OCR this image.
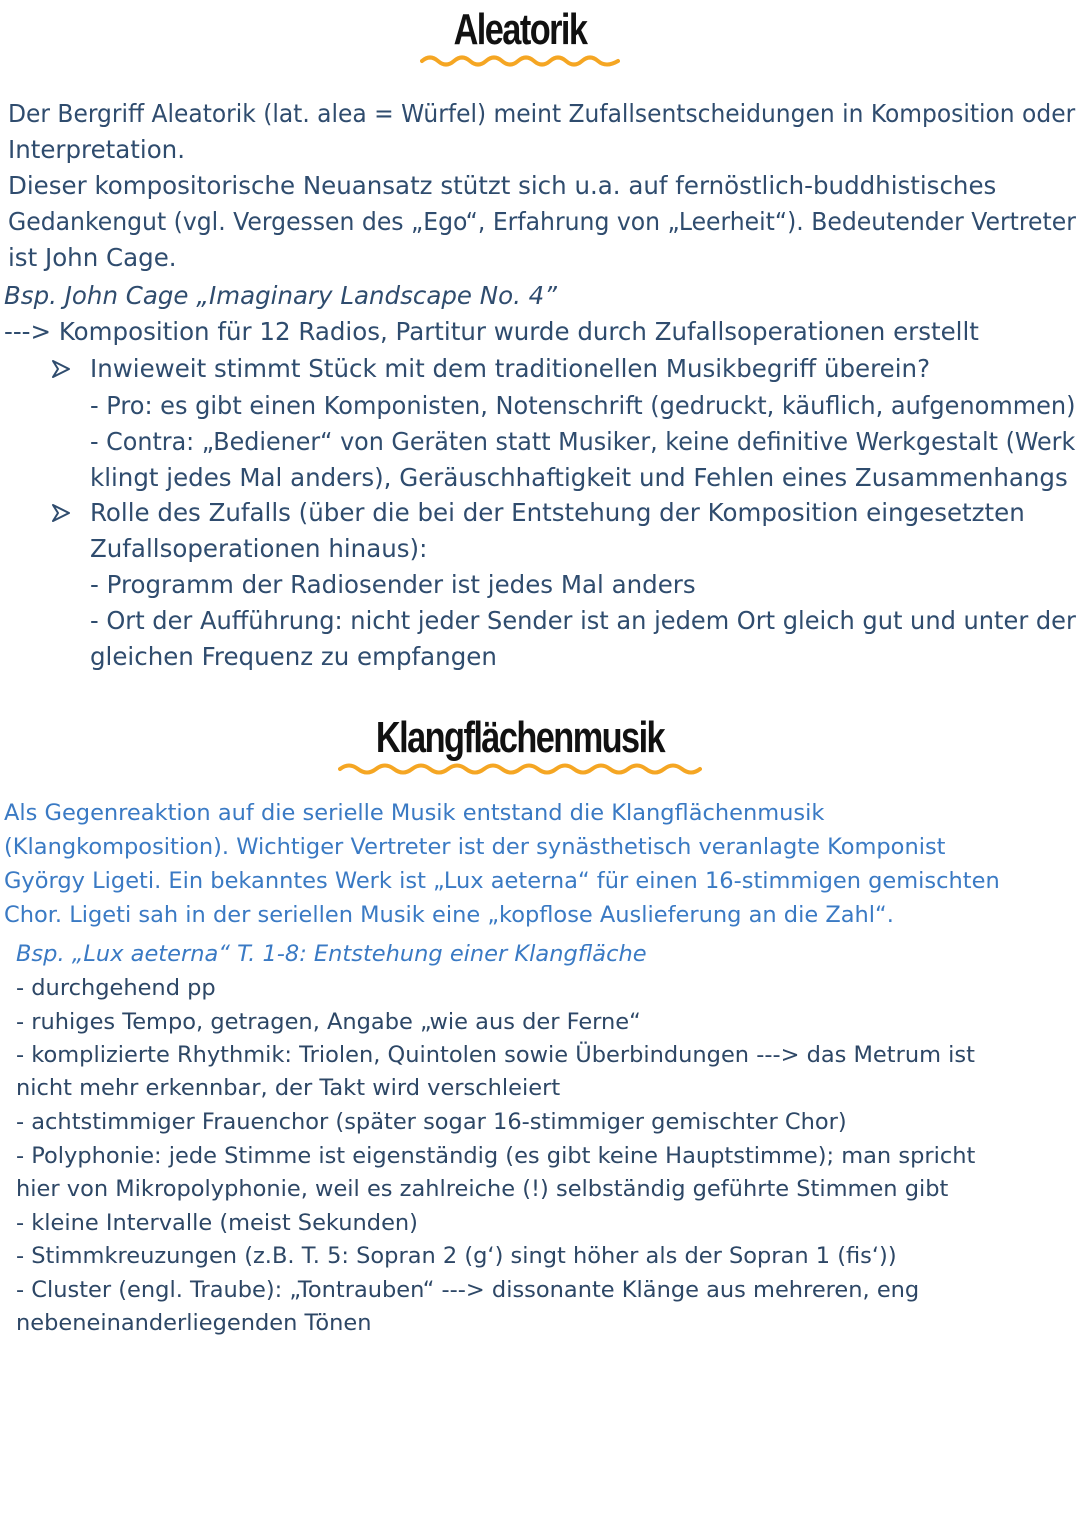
Aleatorik
Der Bergriff Aleatorik (lat. alea = Würfel) meint Zufallsentscheidungen in Komposition oder
Interpretation.
Dieser kompositorische Neuansatz stützt sich u.a. auf fernöstlich-buddhistisches
Gedankengut (vgl. Vergessen des „Ego“, Erfahrung von „Leerheit“). Bedeutender Vertreter
ist John Cage.
Bsp. John Cage „Imaginary Landscape No. 4”
---> Komposition für 12 Radios, Partitur wurde durch Zufallsoperationen erstellt
Inwieweit stimmt Stück mit dem traditionellen Musikbegriff überein?
- Pro: es gibt einen Komponisten, Notenschrift (gedruckt, käuflich, aufgenommen)
- Contra: „Bediener“ von Geräten statt Musiker, keine definitive Werkgestalt (Werk
klingt jedes Mal anders), Geräuschhaftigkeit und Fehlen eines Zusammenhangs
Rolle des Zufalls (über die bei der Entstehung der Komposition eingesetzten
Zufallsoperationen hinaus):
- Programm der Radiosender ist jedes Mal anders
- Ort der Aufführung: nicht jeder Sender ist an jedem Ort gleich gut und unter der
gleichen Frequenz zu empfangen
Klangflächenmusik
Als Gegenreaktion auf die serielle Musik entstand die Klangflächenmusik
(Klangkomposition). Wichtiger Vertreter ist der synästhetisch veranlagte Komponist
György Ligeti. Ein bekanntes Werk ist „Lux aeterna“ für einen 16-stimmigen gemischten
Chor. Ligeti sah in der seriellen Musik eine „kopflose Auslieferung an die Zahl“.
Bsp. „Lux aeterna“ T. 1-8: Entstehung einer Klangfläche
- durchgehend pp
- ruhiges Tempo, getragen, Angabe „wie aus der Ferne“
- komplizierte Rhythmik: Triolen, Quintolen sowie Überbindungen ---> das Metrum ist
nicht mehr erkennbar, der Takt wird verschleiert
- achtstimmiger Frauenchor (später sogar 16-stimmiger gemischter Chor)
- Polyphonie: jede Stimme ist eigenständig (es gibt keine Hauptstimme); man spricht
hier von Mikropolyphonie, weil es zahlreiche (!) selbständig geführte Stimmen gibt
- kleine Intervalle (meist Sekunden)
- Stimmkreuzungen (z.B. T. 5: Sopran 2 (g‘) singt höher als der Sopran 1 (fis‘))
- Cluster (engl. Traube): „Tontrauben“ ---> dissonante Klänge aus mehreren, eng
nebeneinanderliegenden Tönen
